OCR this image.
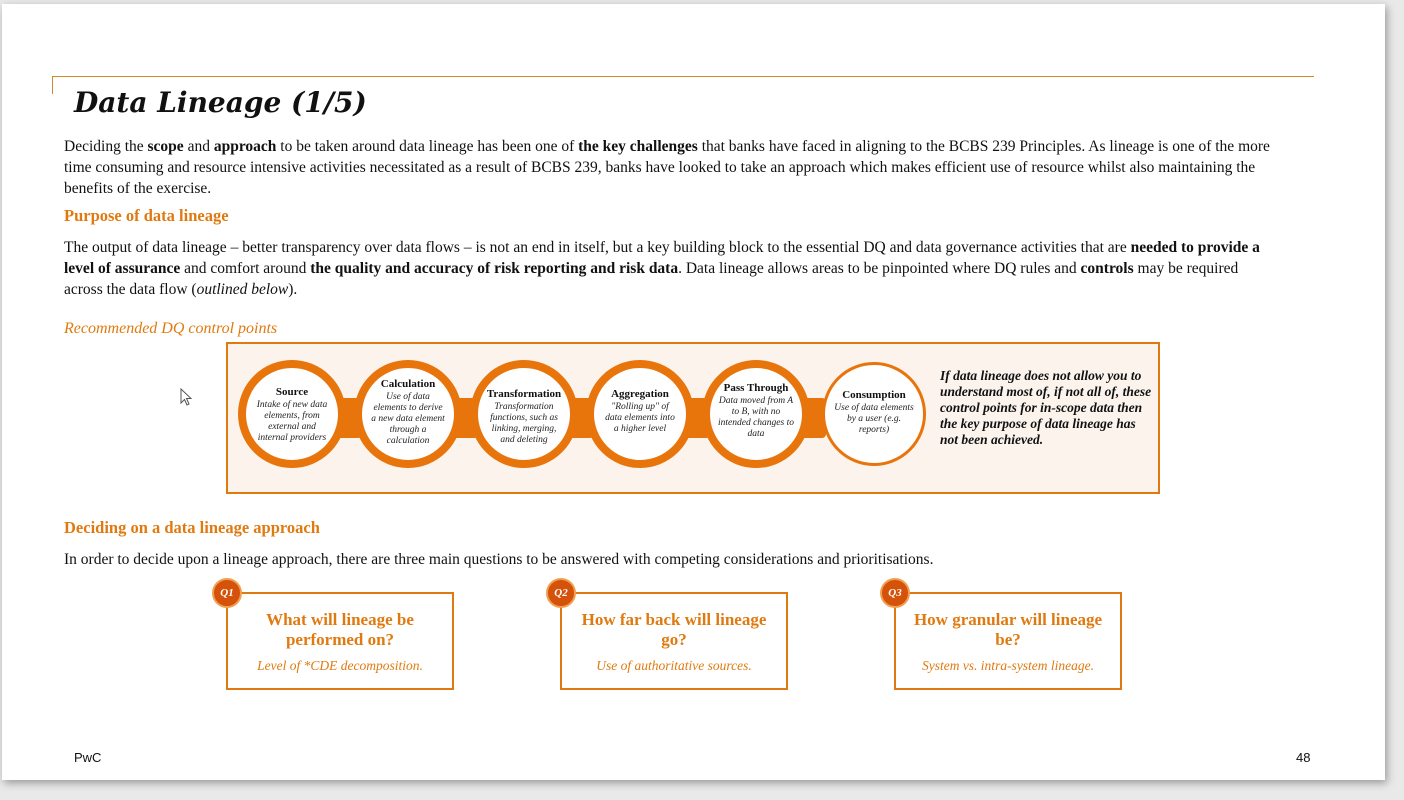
Data Lineage (1/5)
Deciding the scope and approach to be taken around data lineage has been one of the key challenges that banks have faced in aligning to the BCBS 239 Principles. As lineage is one of the more time consuming and resource intensive activities necessitated as a result of BCBS 239, banks have looked to take an approach which makes efficient use of resource whilst also maintaining the benefits of the exercise.
Purpose of data lineage
The output of data lineage – better transparency over data flows – is not an end in itself, but a key building block to the essential DQ and data governance activities that are needed to provide a level of assurance and comfort around the quality and accuracy of risk reporting and risk data. Data lineage allows areas to be pinpointed where DQ rules and controls may be required across the data flow (outlined below).
Recommended DQ control points
Source
Intake of new data elements, from external and internal providers
Calculation
Use of data elements to derive a new data element through a calculation
Transformation
Transformation functions, such as linking, merging, and deleting
Aggregation
"Rolling up" of data elements into a higher level
Pass Through
Data moved from A to B, with no intended changes to data
Consumption
Use of data elements by a user (e.g. reports)
If data lineage does not allow you to understand most of, if not all of, these control points for in-scope data then the key purpose of data lineage has not been achieved.
Deciding on a data lineage approach
In order to decide upon a lineage approach, there are three main questions to be answered with competing considerations and prioritisations.
Q1
What will lineage be performed on?
Level of *CDE decomposition.
Q2
How far back will lineage go?
Use of authoritative sources.
Q3
How granular will lineage be?
System vs. intra-system lineage.
PwC	48
